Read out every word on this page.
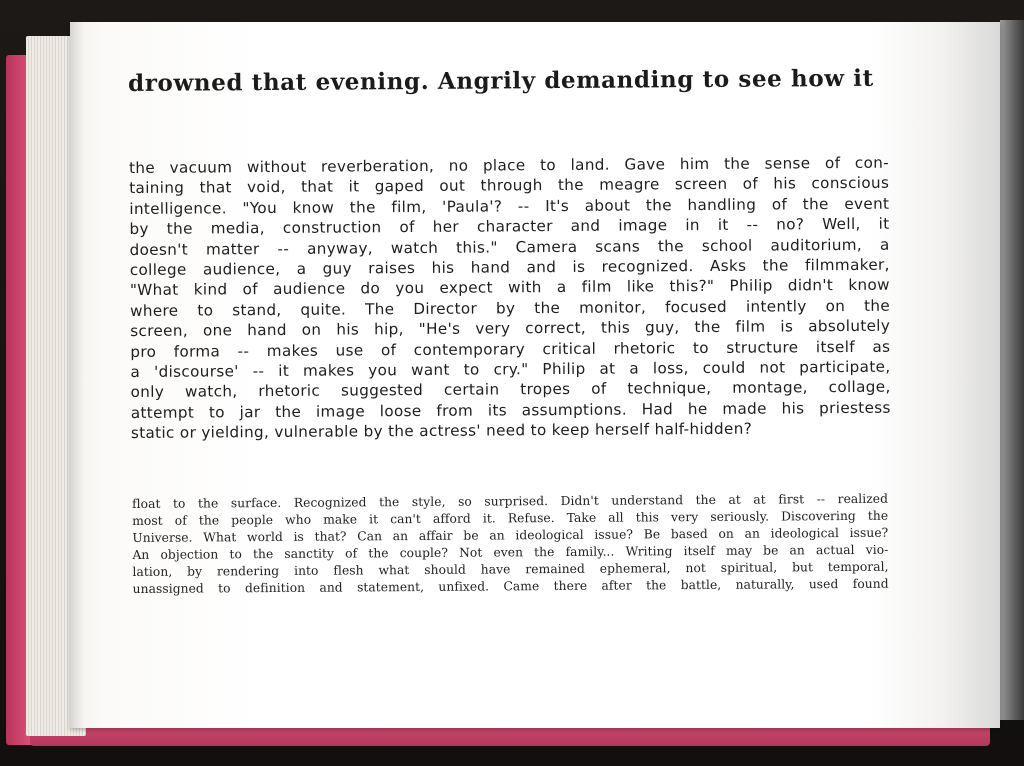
drowned that evening. Angrily demanding to see how it
the vacuum without reverberation, no place to land. Gave him the sense of con-
taining that void, that it gaped out through the meagre screen of his conscious
intelligence. "You know the film, 'Paula'? -- It's about the handling of the event
by the media, construction of her character and image in it -- no? Well, it
doesn't matter -- anyway, watch this." Camera scans the school auditorium, a
college audience, a guy raises his hand and is recognized. Asks the filmmaker,
"What kind of audience do you expect with a film like this?" Philip didn't know
where to stand, quite. The Director by the monitor, focused intently on the
screen, one hand on his hip, "He's very correct, this guy, the film is absolutely
pro forma -- makes use of contemporary critical rhetoric to structure itself as
a 'discourse' -- it makes you want to cry." Philip at a loss, could not participate,
only watch, rhetoric suggested certain tropes of technique, montage, collage,
attempt to jar the image loose from its assumptions. Had he made his priestess
static or yielding, vulnerable by the actress' need to keep herself half-hidden?
float to the surface. Recognized the style, so surprised. Didn't understand the at at first -- realized
most of the people who make it can't afford it. Refuse. Take all this very seriously. Discovering the
Universe. What world is that? Can an affair be an ideological issue? Be based on an ideological issue?
An objection to the sanctity of the couple? Not even the family... Writing itself may be an actual vio-
lation, by rendering into flesh what should have remained ephemeral, not spiritual, but temporal,
unassigned to definition and statement, unfixed. Came there after the battle, naturally, used found
